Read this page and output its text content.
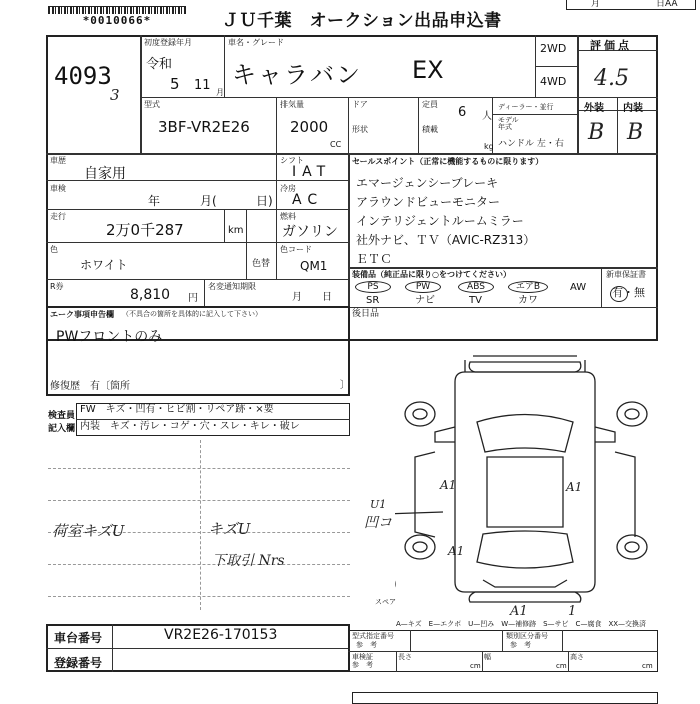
*0010066*	ＪＵ千葉　オークション出品申込書
月	日AA
4093
3
初度登録年月
令和
5 11 月
車名・グレード
キャラバン EX
2WD
4WD
評価点
4.5
外装 内装
B B
型式
3BF-VR2E26
排気量
2000
CC
ドア
形状
定員
6 人
積載
kg
ディーラー・並行
モデル
年式
ハンドル 左・右
車歴
自家用
シフト
IAT
車検
年	月(	日)
冷房
AC
走行
2万0千287	km
燃料
ガソリン
色
ホワイト	色替
色コード
QM1
R券
8,810 円
名変通知期限
月 日
エーク事項申告欄 （不具合の箇所を具体的に記入して下さい）
PWフロントのみ
セールスポイント（正常に機能するものに限ります）
エマージェンシーブレーキ
アラウンドビューモニター
インテリジェントルームミラー
社外ナビ、ＴＶ（AVIC-RZ313）
ＥＴＣ
装備品（純正品に限り○をつけてください）	新車保証書
有・無
PS	PW	ABS	エアB	AW
SR	ナビ	TV	カワ
後日品
修復歴　有〔箇所	〕
検査員
記入欄
FW　キズ・凹有・ヒビ割・リペア跡・×要
内装　キズ・汚レ・コゲ・穴・スレ・キレ・破レ
荷室キズU	キズU
下取引 Nrs
スペア
A1	A1
A1
U1
凹コ
A1	1
A—キズ　E—エクボ　U—凹み　W—補修跡　S—サビ　C—腐食　XX—交換済
車台番号	VR2E26-170153
登録番号
型式指定番号
参　考
類別区分番号
参　考
車検証
参　考
長さ
cm
幅
cm
高さ
cm
